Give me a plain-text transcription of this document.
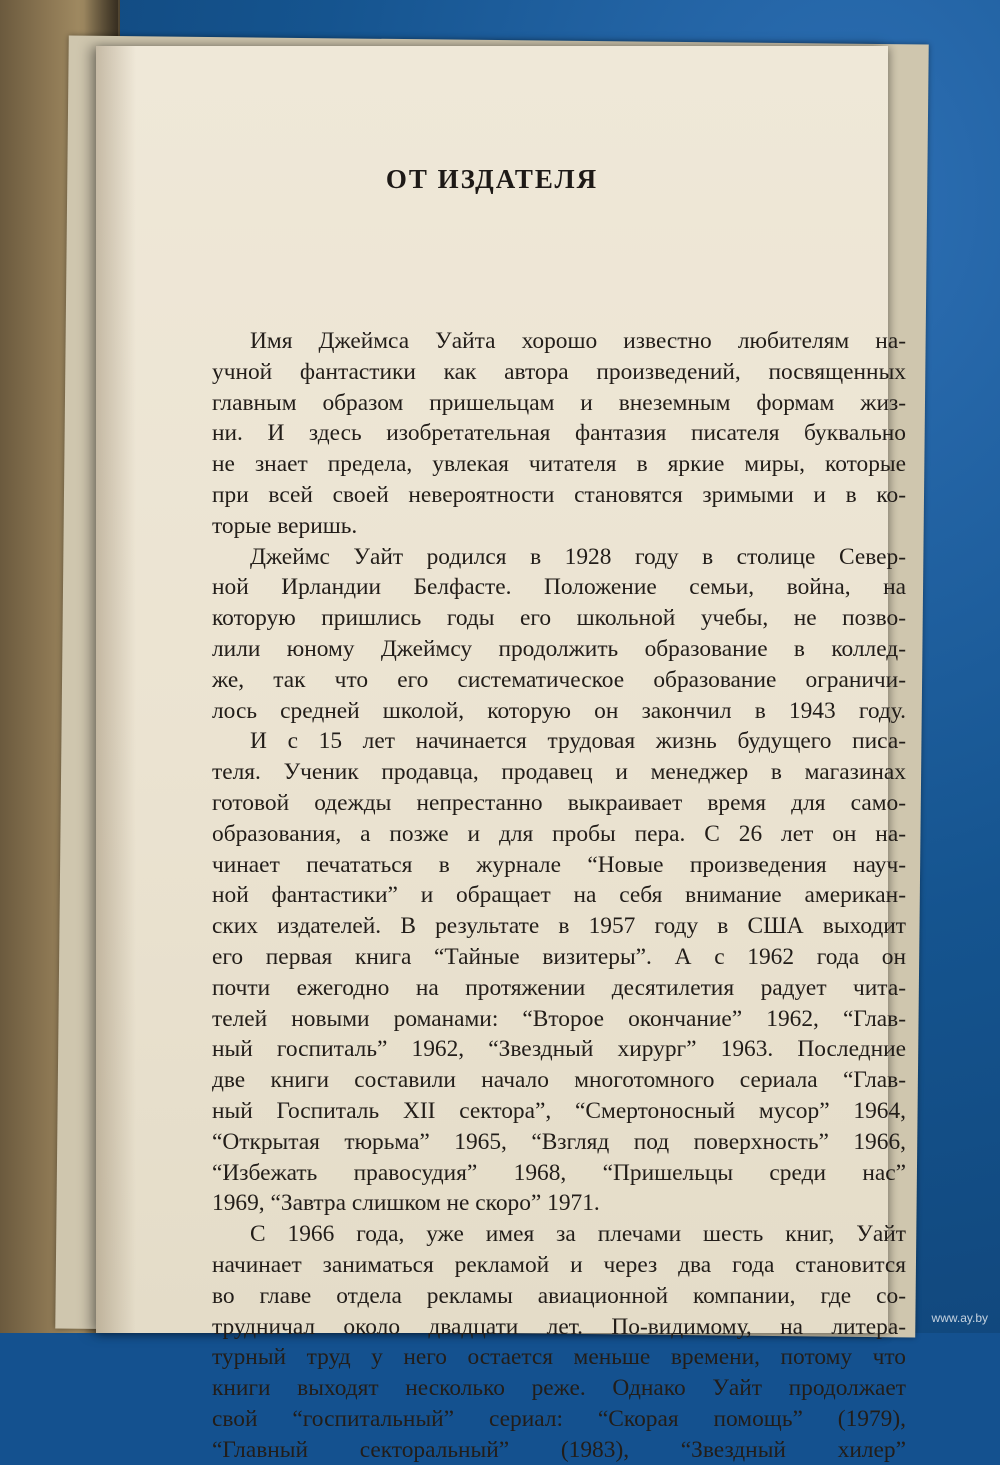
ОТ ИЗДАТЕЛЯ
Имя Джеймса Уайта хорошо известно любителям на-
учной фантастики как автора произведений, посвященных
главным образом пришельцам и внеземным формам жиз-
ни. И здесь изобретательная фантазия писателя буквально
не знает предела, увлекая читателя в яркие миры, которые
при всей своей невероятности становятся зримыми и в ко-
торые веришь.
Джеймс Уайт родился в 1928 году в столице Север-
ной Ирландии Белфасте. Положение семьи, война, на
которую пришлись годы его школьной учебы, не позво-
лили юному Джеймсу продолжить образование в коллед-
же, так что его систематическое образование ограничи-
лось средней школой, которую он закончил в 1943 году.
И с 15 лет начинается трудовая жизнь будущего писа-
теля. Ученик продавца, продавец и менеджер в магазинах
готовой одежды непрестанно выкраивает время для само-
образования, а позже и для пробы пера. С 26 лет он на-
чинает печататься в журнале “Новые произведения науч-
ной фантастики” и обращает на себя внимание американ-
ских издателей. В результате в 1957 году в США выходит
его первая книга “Тайные визитеры”. А с 1962 года он
почти ежегодно на протяжении десятилетия радует чита-
телей новыми романами: “Второе окончание” 1962, “Глав-
ный госпиталь” 1962, “Звездный хирург” 1963. Последние
две книги составили начало многотомного сериала “Глав-
ный Госпиталь XII сектора”, “Смертоносный мусор” 1964,
“Открытая тюрьма” 1965, “Взгляд под поверхность” 1966,
“Избежать правосудия” 1968, “Пришельцы среди нас”
1969, “Завтра слишком не скоро” 1971.
С 1966 года, уже имея за плечами шесть книг, Уайт
начинает заниматься рекламой и через два года становится
во главе отдела рекламы авиационной компании, где со-
трудничал около двадцати лет. По-видимому, на литера-
турный труд у него остается меньше времени, потому что
книги выходят несколько реже. Однако Уайт продолжает
свой “госпитальный” сериал: “Скорая помощь” (1979),
“Главный секторальный” (1983), “Звездный хилер”
www.ay.by
